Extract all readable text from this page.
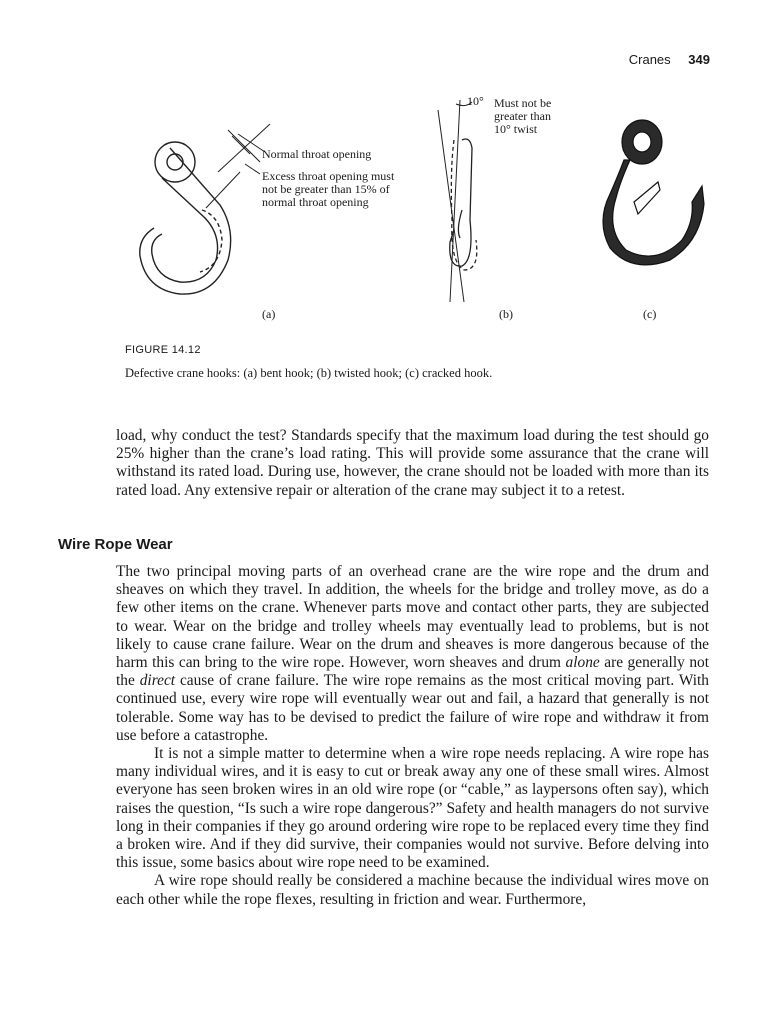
Cranes 349
Normal throat opening
Excess throat opening must
not be greater than 15% of
normal throat opening
10° Must not be
greater than
10° twist
(a)	(b)	(c)
FIGURE 14.12
Defective crane hooks: (a) bent hook; (b) twisted hook; (c) cracked hook.

load, why conduct the test? Standards specify that the maximum load during the test should go 25% higher than the crane’s load rating. This will provide some assurance that the crane will withstand its rated load. During use, however, the crane should not be loaded with more than its rated load. Any extensive repair or alteration of the crane may subject it to a retest.

Wire Rope Wear

The two principal moving parts of an overhead crane are the wire rope and the drum and sheaves on which they travel. In addition, the wheels for the bridge and trolley move, as do a few other items on the crane. Whenever parts move and contact other parts, they are subjected to wear. Wear on the bridge and trolley wheels may eventually lead to problems, but is not likely to cause crane failure. Wear on the drum and sheaves is more dangerous because of the harm this can bring to the wire rope. However, worn sheaves and drum alone are generally not the direct cause of crane failure. The wire rope remains as the most critical moving part. With continued use, every wire rope will eventually wear out and fail, a hazard that generally is not tolerable. Some way has to be devised to predict the failure of wire rope and withdraw it from use before a catastrophe.

It is not a simple matter to determine when a wire rope needs replacing. A wire rope has many individual wires, and it is easy to cut or break away any one of these small wires. Almost everyone has seen broken wires in an old wire rope (or “cable,” as laypersons often say), which raises the question, “Is such a wire rope dangerous?” Safety and health managers do not survive long in their companies if they go around ordering wire rope to be replaced every time they find a broken wire. And if they did survive, their companies would not survive. Before delving into this issue, some basics about wire rope need to be examined.

A wire rope should really be considered a machine because the individual wires move on each other while the rope flexes, resulting in friction and wear. Furthermore,
